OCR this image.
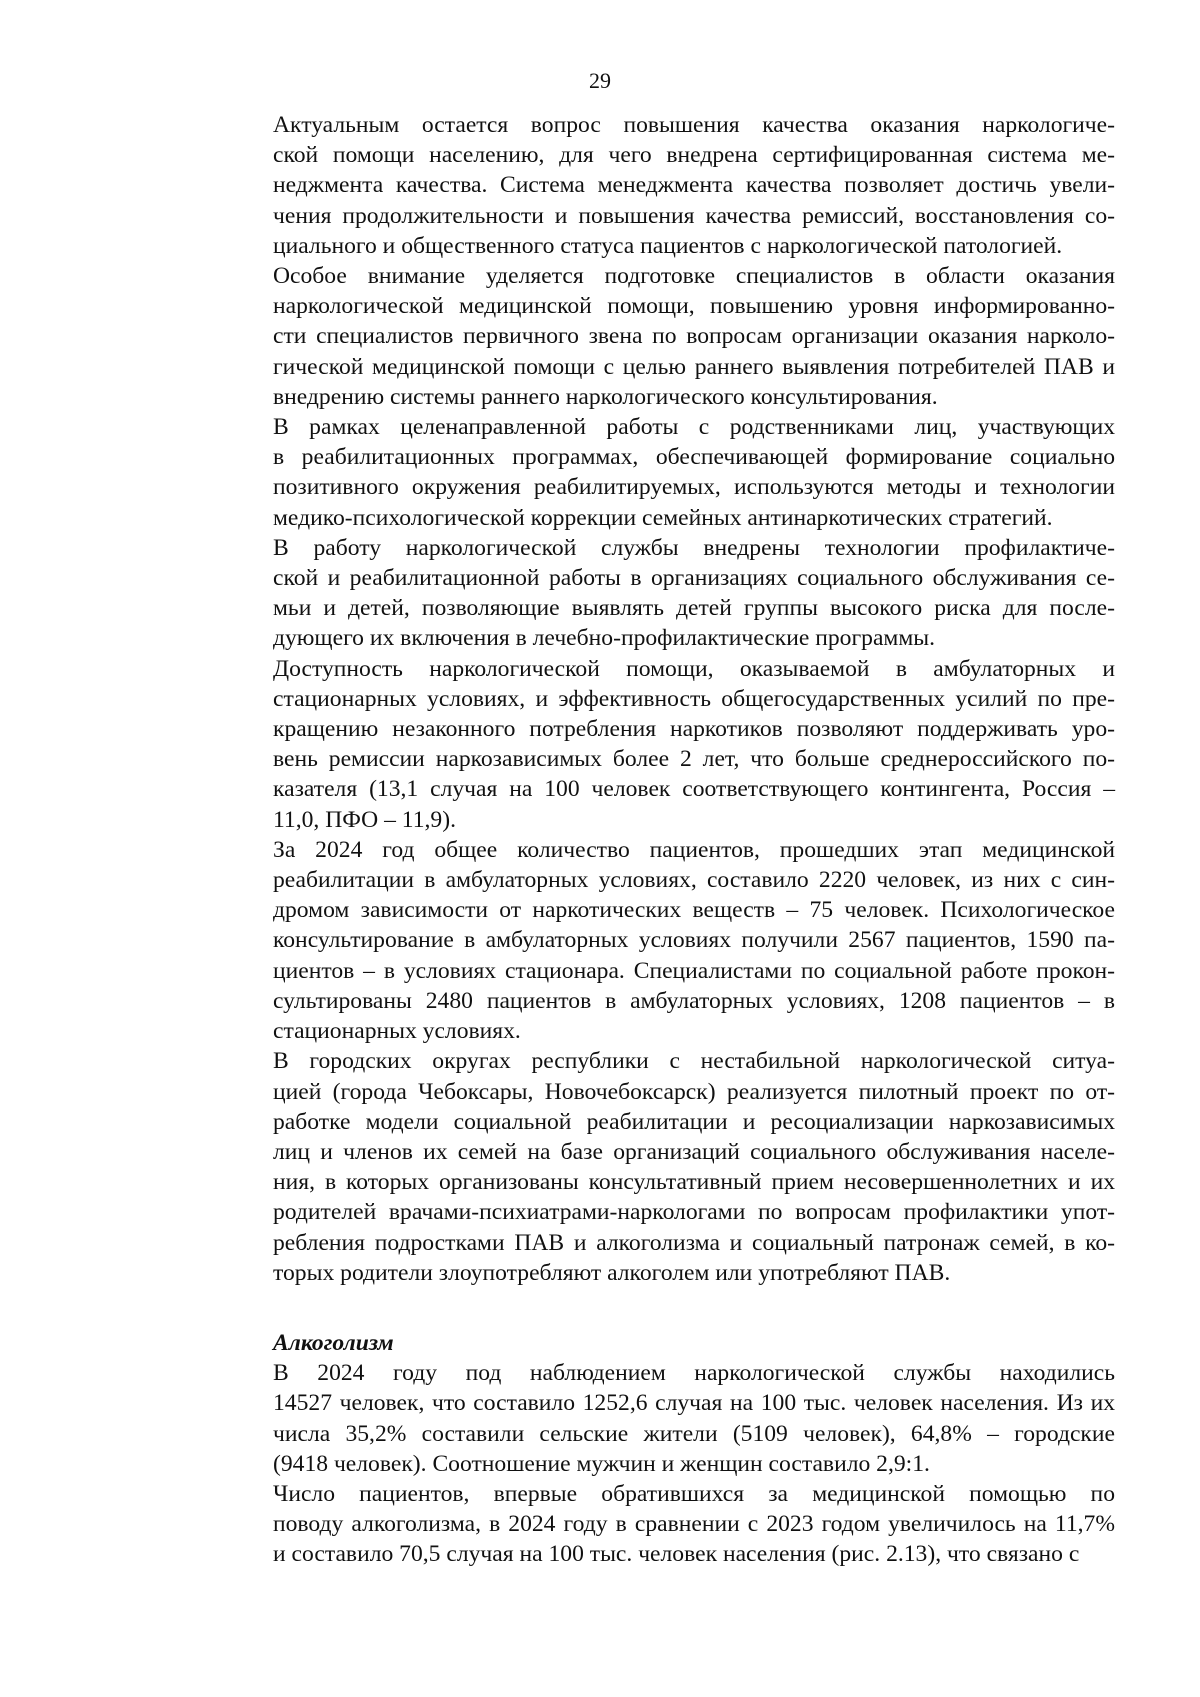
29

Актуальным остается вопрос повышения качества оказания наркологиче-
ской помощи населению, для чего внедрена сертифицированная система ме-
неджмента качества. Система менеджмента качества позволяет достичь увели-
чения продолжительности и повышения качества ремиссий, восстановления со-
циального и общественного статуса пациентов с наркологической патологией.

Особое внимание уделяется подготовке специалистов в области оказания
наркологической медицинской помощи, повышению уровня информированно-
сти специалистов первичного звена по вопросам организации оказания нарколо-
гической медицинской помощи с целью раннего выявления потребителей ПАВ и
внедрению системы раннего наркологического консультирования.

В рамках целенаправленной работы с родственниками лиц, участвующих
в реабилитационных программах, обеспечивающей формирование социально
позитивного окружения реабилитируемых, используются методы и технологии
медико-психологической коррекции семейных антинаркотических стратегий.

В работу наркологической службы внедрены технологии профилактиче-
ской и реабилитационной работы в организациях социального обслуживания се-
мьи и детей, позволяющие выявлять детей группы высокого риска для после-
дующего их включения в лечебно-профилактические программы.

Доступность наркологической помощи, оказываемой в амбулаторных и
стационарных условиях, и эффективность общегосударственных усилий по пре-
кращению незаконного потребления наркотиков позволяют поддерживать уро-
вень ремиссии наркозависимых более 2 лет, что больше среднероссийского по-
казателя (13,1 случая на 100 человек соответствующего контингента, Россия –
11,0, ПФО – 11,9).

За 2024 год общее количество пациентов, прошедших этап медицинской
реабилитации в амбулаторных условиях, составило 2220 человек, из них с син-
дромом зависимости от наркотических веществ – 75 человек. Психологическое
консультирование в амбулаторных условиях получили 2567 пациентов, 1590 па-
циентов – в условиях стационара. Специалистами по социальной работе прокон-
сультированы 2480 пациентов в амбулаторных условиях, 1208 пациентов – в
стационарных условиях.

В городских округах республики с нестабильной наркологической ситуа-
цией (города Чебоксары, Новочебоксарск) реализуется пилотный проект по от-
работке модели социальной реабилитации и ресоциализации наркозависимых
лиц и членов их семей на базе организаций социального обслуживания населе-
ния, в которых организованы консультативный прием несовершеннолетних и их
родителей врачами-психиатрами-наркологами по вопросам профилактики упот-
ребления подростками ПАВ и алкоголизма и социальный патронаж семей, в ко-
торых родители злоупотребляют алкоголем или употребляют ПАВ.

Алкоголизм

В 2024 году под наблюдением наркологической службы находились
14527 человек, что составило 1252,6 случая на 100 тыс. человек населения. Из их
числа 35,2% составили сельские жители (5109 человек), 64,8% – городские
(9418 человек). Соотношение мужчин и женщин составило 2,9:1.

Число пациентов, впервые обратившихся за медицинской помощью по
поводу алкоголизма, в 2024 году в сравнении с 2023 годом увеличилось на 11,7%
и составило 70,5 случая на 100 тыс. человек населения (рис. 2.13), что связано с
